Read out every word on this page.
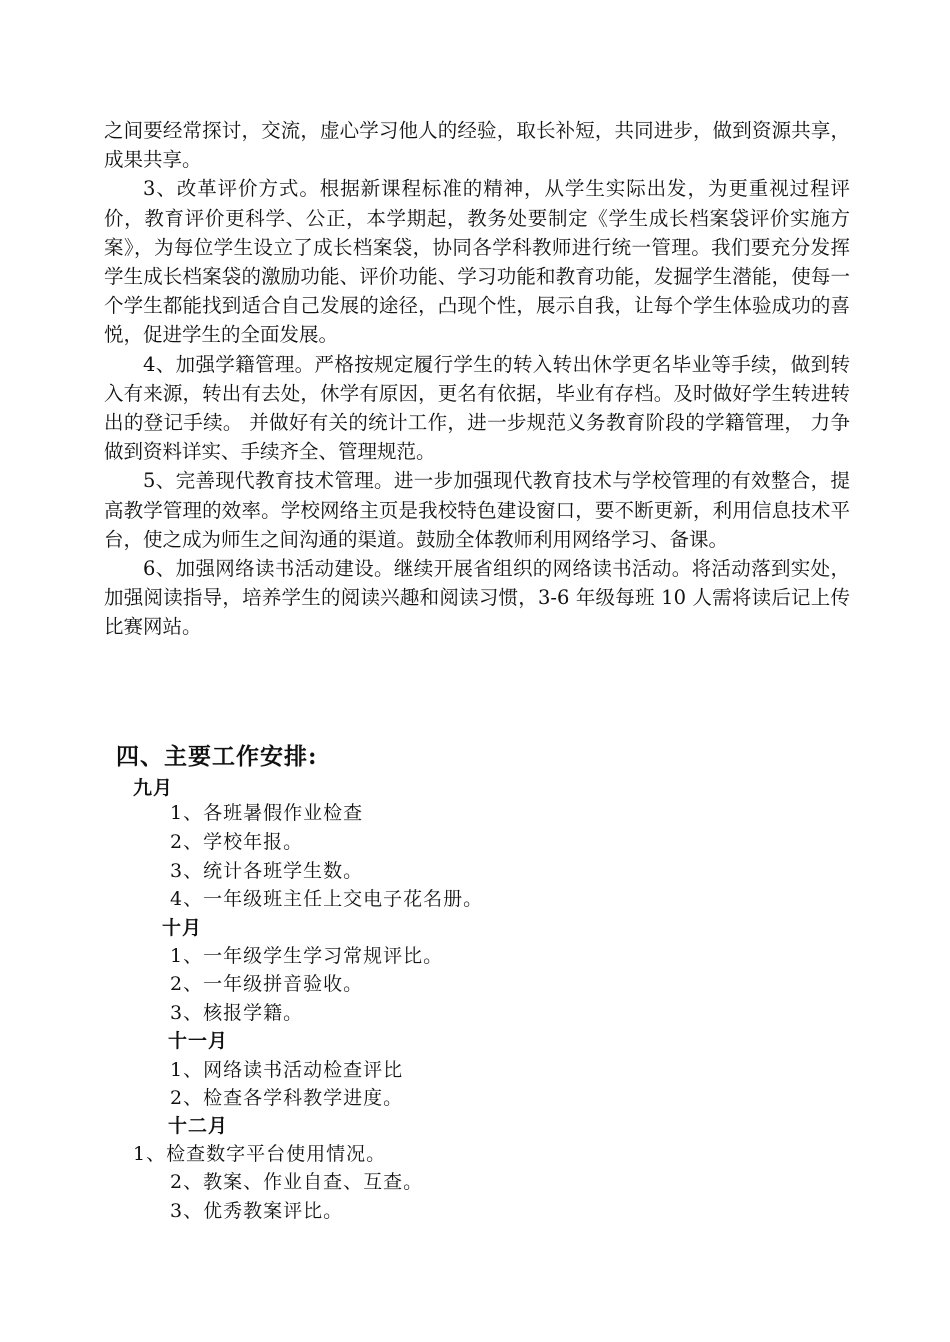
之间要经常探讨，交流，虚心学习他人的经验，取长补短，共同进步，做到资源共享， 成果共享。

3、改革评价方式。根据新课程标准的精神，从学生实际出发，为更重视过程评价，教育评价更科学、公正，本学期起，教务处要制定《学生成长档案袋评价实施方案》，为每位学生设立了成长档案袋，协同各学科教师进行统一管理。我们要充分发挥学生成长档案袋的激励功能、评价功能、学习功能和教育功能，发掘学生潜能，使每一个学生都能找到适合自己发展的途径，凸现个性，展示自我，让每个学生体验成功的喜悦，促进学生的全面发展。

4、加强学籍管理。严格按规定履行学生的转入转出休学更名毕业等手续，做到转入有来源，转出有去处，休学有原因，更名有依据，毕业有存档。及时做好学生转进转出的登记手续。 并做好有关的统计工作，进一步规范义务教育阶段的学籍管理， 力争做到资料详实、手续齐全、管理规范。

5、完善现代教育技术管理。进一步加强现代教育技术与学校管理的有效整合，提高教学管理的效率。学校网络主页是我校特色建设窗口，要不断更新，利用信息技术平台，使之成为师生之间沟通的渠道。鼓励全体教师利用网络学习、备课。

6、加强网络读书活动建设。继续开展省组织的网络读书活动。将活动落到实处，加强阅读指导，培养学生的阅读兴趣和阅读习惯，3-6 年级每班 10 人需将读后记上传比赛网站。

四、主要工作安排:
九月
1、各班暑假作业检查
2、学校年报。
3、统计各班学生数。
4、一年级班主任上交电子花名册。
十月
1、一年级学生学习常规评比。
2、一年级拼音验收。
3、核报学籍。
十一月
1、网络读书活动检查评比
2、检查各学科教学进度。
十二月
1、检查数字平台使用情况。
2、教案、作业自查、互查。
3、优秀教案评比。
